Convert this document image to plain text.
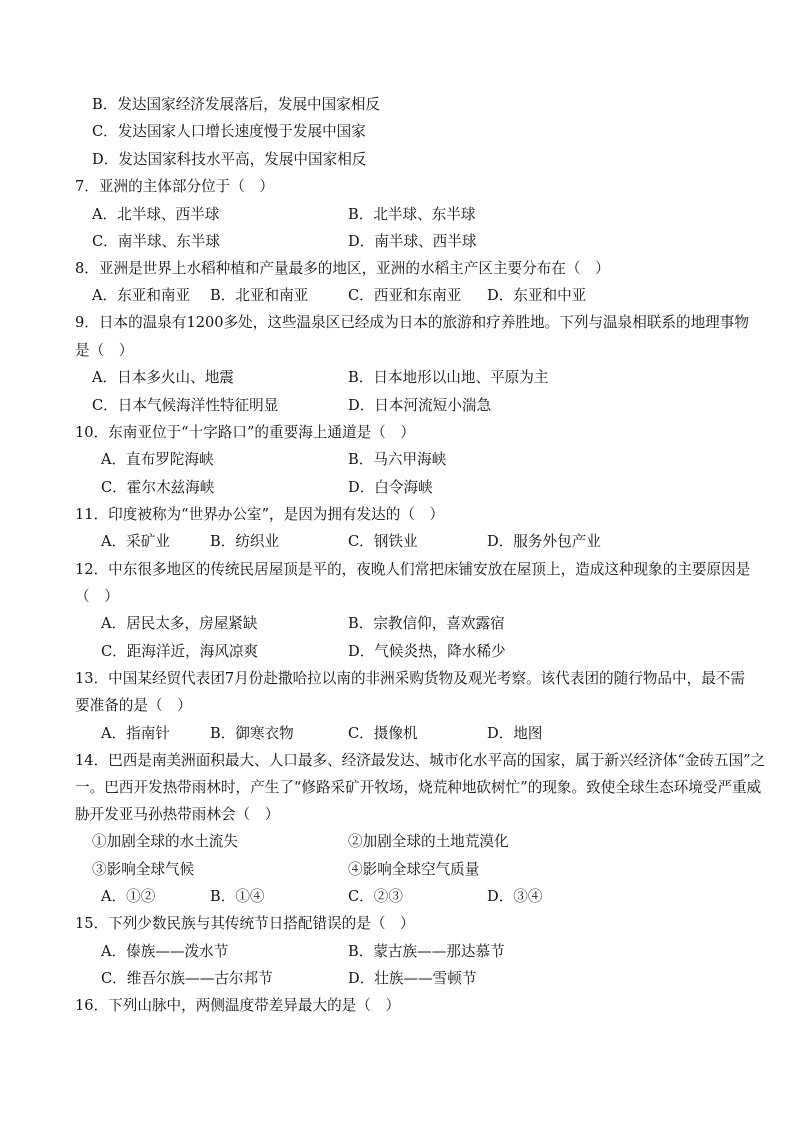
B．发达国家经济发展落后，发展中国家相反
C．发达国家人口增长速度慢于发展中国家
D．发达国家科技水平高，发展中国家相反
7．亚洲的主体部分位于（　）
A．北半球、西半球	B．北半球、东半球
C．南半球、东半球	D．南半球、西半球
8．亚洲是世界上水稻种植和产量最多的地区，亚洲的水稻主产区主要分布在（　）
A．东亚和南亚 B．北亚和南亚	C．西亚和东南亚 D．东亚和中亚
9．日本的温泉有1200多处，这些温泉区已经成为日本的旅游和疗养胜地。下列与温泉相联系的地理事物
是（　）
A．日本多火山、地震	B．日本地形以山地、平原为主
C．日本气候海洋性特征明显	D．日本河流短小湍急
10．东南亚位于“十字路口”的重要海上通道是（　）
A．直布罗陀海峡	B．马六甲海峡
C．霍尔木兹海峡	D．白令海峡
11．印度被称为“世界办公室”，是因为拥有发达的（　）
A．采矿业	B．纺织业	C．钢铁业	D．服务外包产业
12．中东很多地区的传统民居屋顶是平的，夜晚人们常把床铺安放在屋顶上，造成这种现象的主要原因是
（　）
A．居民太多，房屋紧缺	B．宗教信仰，喜欢露宿
C．距海洋近，海风凉爽	D．气候炎热，降水稀少
13．中国某经贸代表团7月份赴撒哈拉以南的非洲采购货物及观光考察。该代表团的随行物品中，最不需
要准备的是（　）
A．指南针	B．御寒衣物	C．摄像机	D．地图
14．巴西是南美洲面积最大、人口最多、经济最发达、城市化水平高的国家，属于新兴经济体“金砖五国”之
一。巴西开发热带雨林时，产生了“修路采矿开牧场，烧荒种地砍树忙”的现象。致使全球生态环境受严重威
胁开发亚马孙热带雨林会（　）
①加剧全球的水土流失	②加剧全球的土地荒漠化
③影响全球气候	④影响全球空气质量
A．①②	B．①④	C．②③	D．③④
15．下列少数民族与其传统节日搭配错误的是（　）
A．傣族——泼水节	B．蒙古族——那达慕节
C．维吾尔族——古尔邦节	D．壮族——雪顿节
16．下列山脉中，两侧温度带差异最大的是（　）
